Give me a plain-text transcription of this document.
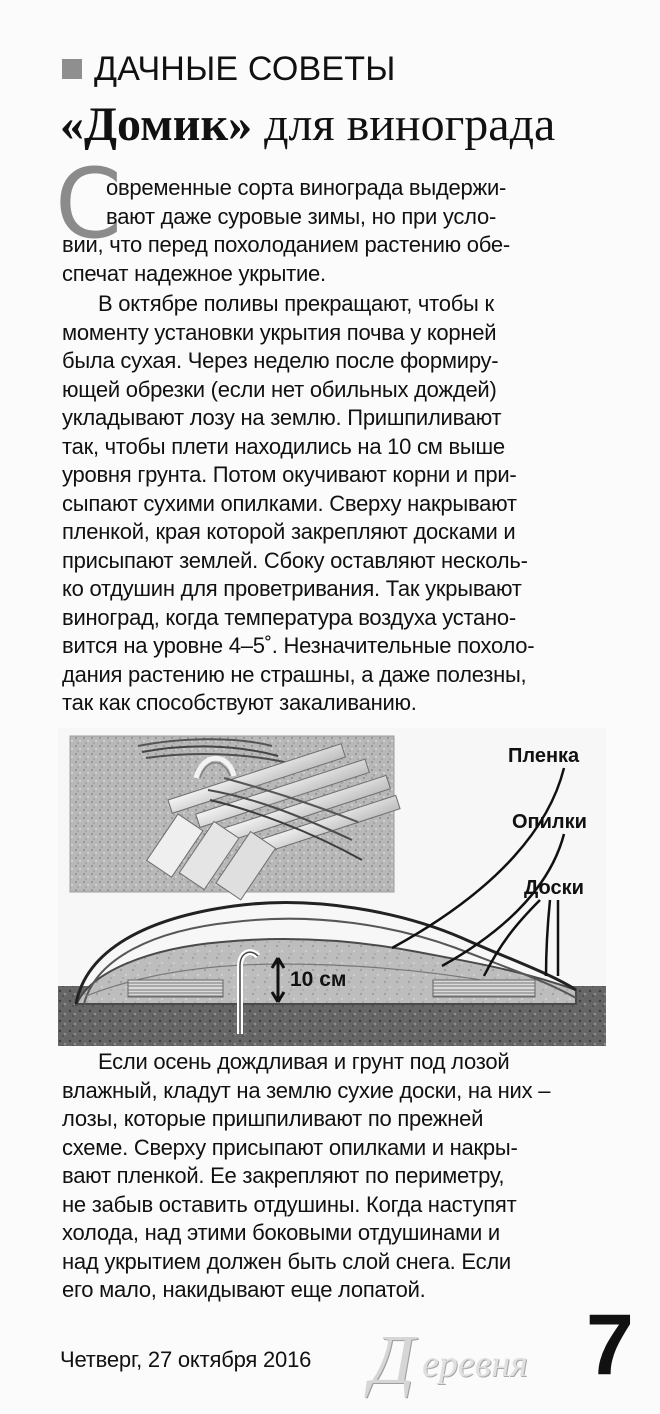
ДАЧНЫЕ СОВЕТЫ
«Домик» для винограда
С
овременные сорта винограда выдержи-
вают даже суровые зимы, но при усло-
вии, что перед похолоданием растению обе-
спечат надежное укрытие.
В октябре поливы прекращают, чтобы к
моменту установки укрытия почва у корней
была сухая. Через неделю после формиру-
ющей обрезки (если нет обильных дождей)
укладывают лозу на землю. Пришпиливают
так, чтобы плети находились на 10 см выше
уровня грунта. Потом окучивают корни и при-
сыпают сухими опилками. Сверху накрывают
пленкой, края которой закрепляют досками и
присыпают землей. Сбоку оставляют несколь-
ко отдушин для проветривания. Так укрывают
виноград, когда температура воздуха устано-
вится на уровне 4–5˚. Незначительные похоло-
дания растению не страшны, а даже полезны,
так как способствуют закаливанию.
Пленка
Опилки
Доски
10 см
Если осень дождливая и грунт под лозой
влажный, кладут на землю сухие доски, на них –
лозы, которые пришпиливают по прежней
схеме. Сверху присыпают опилками и накры-
вают пленкой. Ее закрепляют по периметру,
не забыв оставить отдушины. Когда наступят
холода, над этими боковыми отдушинами и
над укрытием должен быть слой снега. Если
его мало, накидывают еще лопатой.
Четверг, 27 октября 2016 Д еревня 7
